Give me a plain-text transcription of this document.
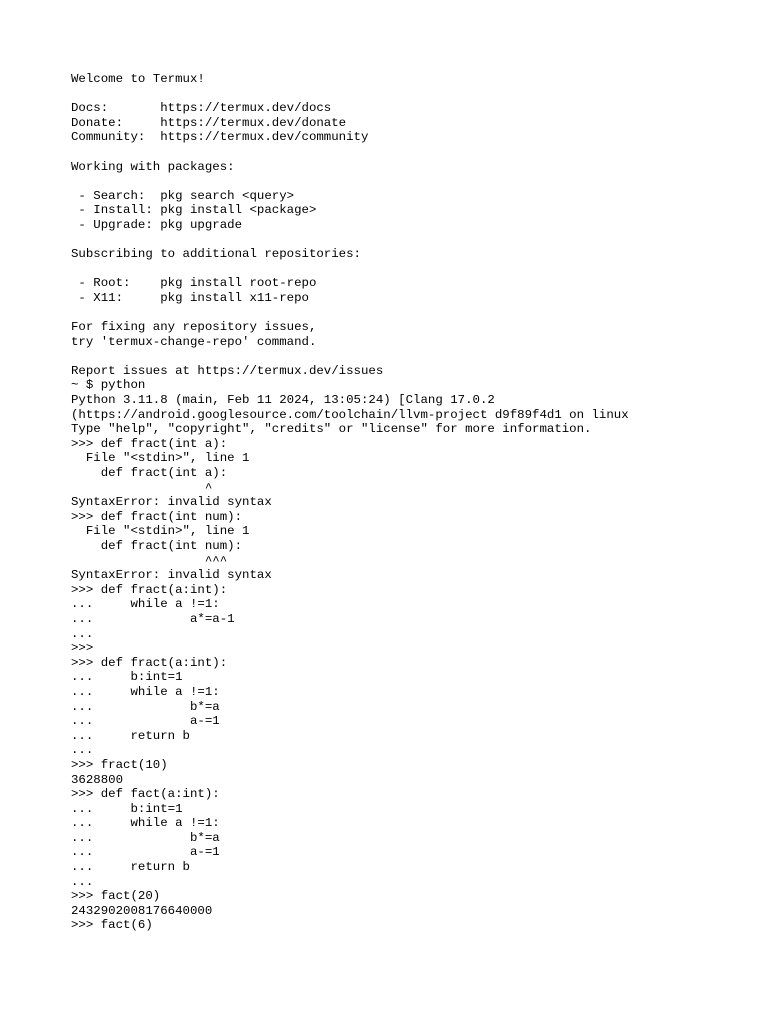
Welcome to Termux!
Docs:       https://termux.dev/docs
Donate:     https://termux.dev/donate
Community:  https://termux.dev/community
Working with packages:
- Search:  pkg search <query>
- Install: pkg install <package>
- Upgrade: pkg upgrade
Subscribing to additional repositories:
- Root:    pkg install root-repo
- X11:     pkg install x11-repo
For fixing any repository issues,
try 'termux-change-repo' command.
Report issues at https://termux.dev/issues
~ $ python
Python 3.11.8 (main, Feb 11 2024, 13:05:24) [Clang 17.0.2
(https://android.googlesource.com/toolchain/llvm-project d9f89f4d1 on linux
Type "help", "copyright", "credits" or "license" for more information.
>>> def fract(int a):
File "<stdin>", line 1
def fract(int a):
^
SyntaxError: invalid syntax
>>> def fract(int num):
File "<stdin>", line 1
def fract(int num):
^^^
SyntaxError: invalid syntax
>>> def fract(a:int):
...     while a !=1:
...             a*=a-1
...
>>>
>>> def fract(a:int):
...     b:int=1
...     while a !=1:
...             b*=a
...             a-=1
...     return b
...
>>> fract(10)
3628800
>>> def fact(a:int):
...     b:int=1
...     while a !=1:
...             b*=a
...             a-=1
...     return b
...
>>> fact(20)
2432902008176640000
>>> fact(6)
